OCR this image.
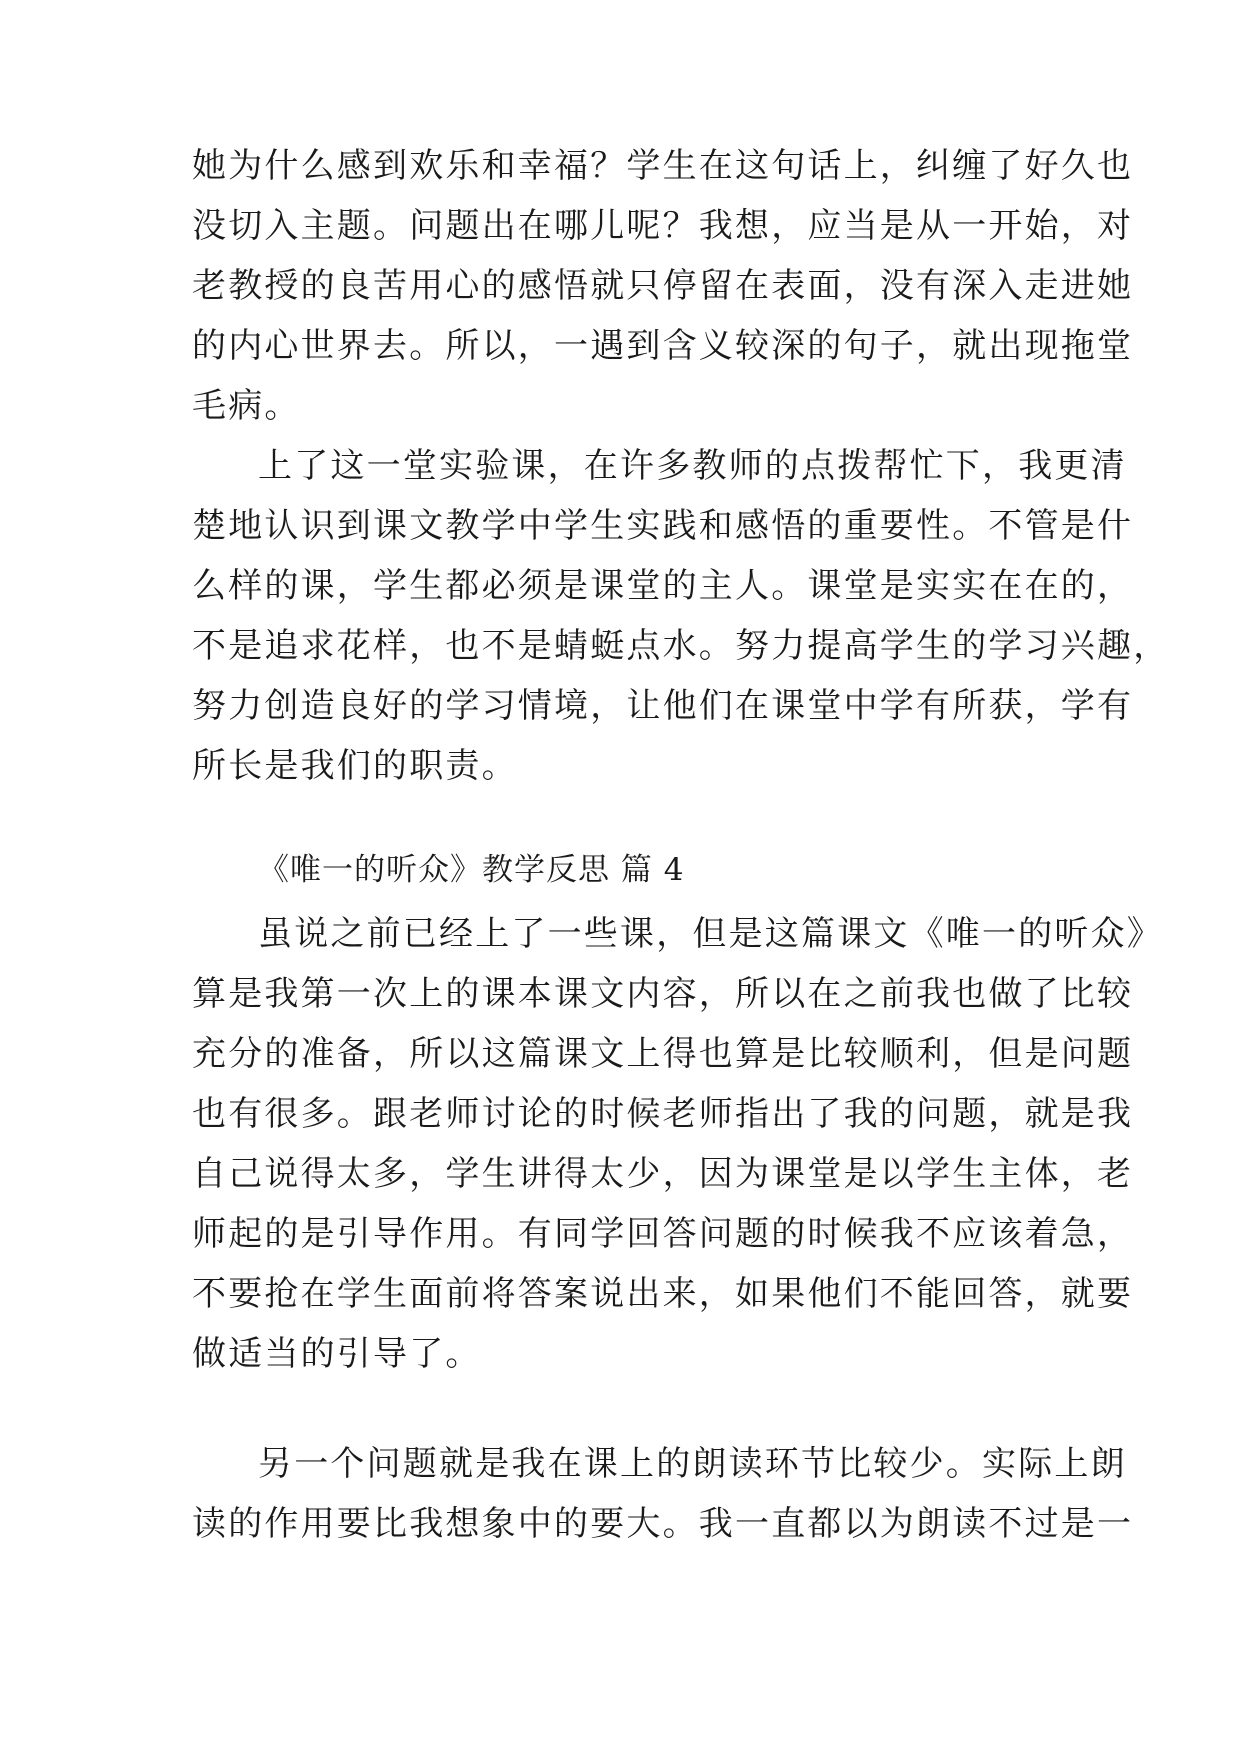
她为什么感到欢乐和幸福？学生在这句话上，纠缠了好久也
没切入主题。问题出在哪儿呢？我想，应当是从一开始，对
老教授的良苦用心的感悟就只停留在表面，没有深入走进她
的内心世界去。所以，一遇到含义较深的句子，就出现拖堂
毛病。
上了这一堂实验课，在许多教师的点拨帮忙下，我更清
楚地认识到课文教学中学生实践和感悟的重要性。不管是什
么样的课，学生都必须是课堂的主人。课堂是实实在在的，
不是追求花样，也不是蜻蜓点水。努力提高学生的学习兴趣，
努力创造良好的学习情境，让他们在课堂中学有所获，学有
所长是我们的职责。
《唯一的听众》教学反思 篇 4
虽说之前已经上了一些课，但是这篇课文《唯一的听众》
算是我第一次上的课本课文内容，所以在之前我也做了比较
充分的准备，所以这篇课文上得也算是比较顺利，但是问题
也有很多。跟老师讨论的时候老师指出了我的问题，就是我
自己说得太多，学生讲得太少，因为课堂是以学生主体，老
师起的是引导作用。有同学回答问题的时候我不应该着急，
不要抢在学生面前将答案说出来，如果他们不能回答，就要
做适当的引导了。
另一个问题就是我在课上的朗读环节比较少。实际上朗
读的作用要比我想象中的要大。我一直都以为朗读不过是一
